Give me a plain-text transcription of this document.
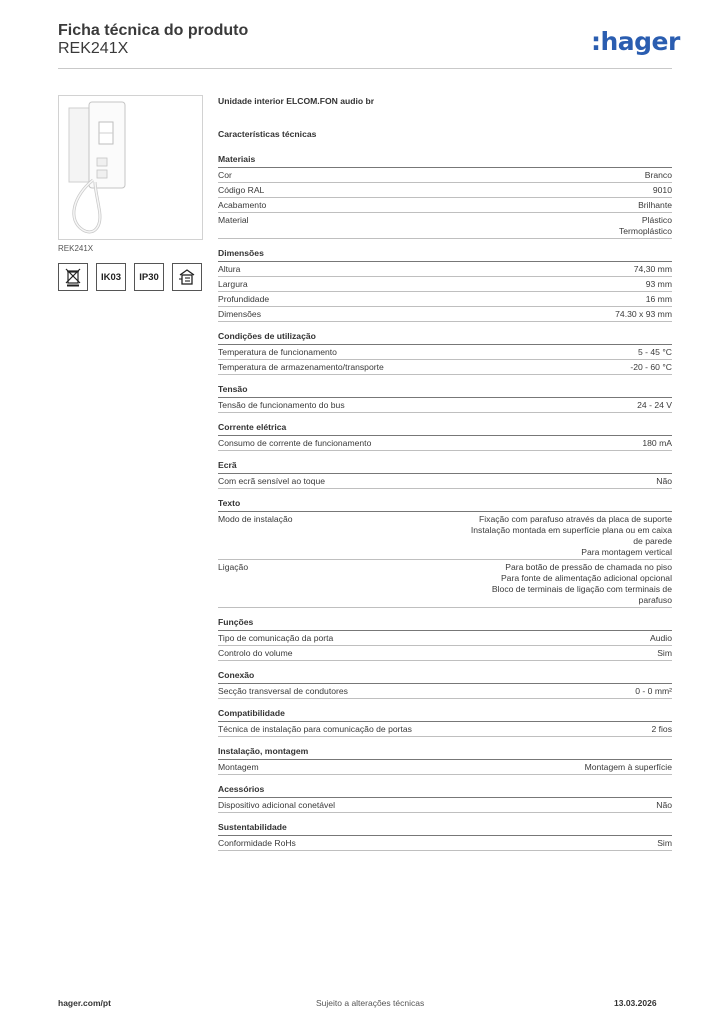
Ficha técnica do produto
REK241X	:hager
REK241X
IK03	IP30
Unidade interior ELCOM.FON audio br
Características técnicas
Materiais
Cor	Branco
Código RAL	9010
Acabamento	Brilhante
Material	Plástico
Termoplástico
Dimensões
Altura	74,30 mm
Largura	93 mm
Profundidade	16 mm
Dimensões	74.30 x 93 mm
Condições de utilização
Temperatura de funcionamento	5 - 45 °C
Temperatura de armazenamento/transporte	-20 - 60 °C
Tensão
Tensão de funcionamento do bus	24 - 24 V
Corrente elétrica
Consumo de corrente de funcionamento	180 mA
Ecrã
Com ecrã sensível ao toque	Não
Texto
Modo de instalação	Fixação com parafuso através da placa de suporte
Instalação montada em superfície plana ou em caixa
de parede
Para montagem vertical
Ligação	Para botão de pressão de chamada no piso
Para fonte de alimentação adicional opcional
Bloco de terminais de ligação com terminais de
parafuso
Funções
Tipo de comunicação da porta	Audio
Controlo do volume	Sim
Conexão
Secção transversal de condutores	0 - 0 mm²
Compatibilidade
Técnica de instalação para comunicação de portas	2 fios
Instalação, montagem
Montagem	Montagem à superfície
Acessórios
Dispositivo adicional conetável	Não
Sustentabilidade
Conformidade RoHs	Sim
hager.com/pt	Sujeito a alterações técnicas	13.03.2026
